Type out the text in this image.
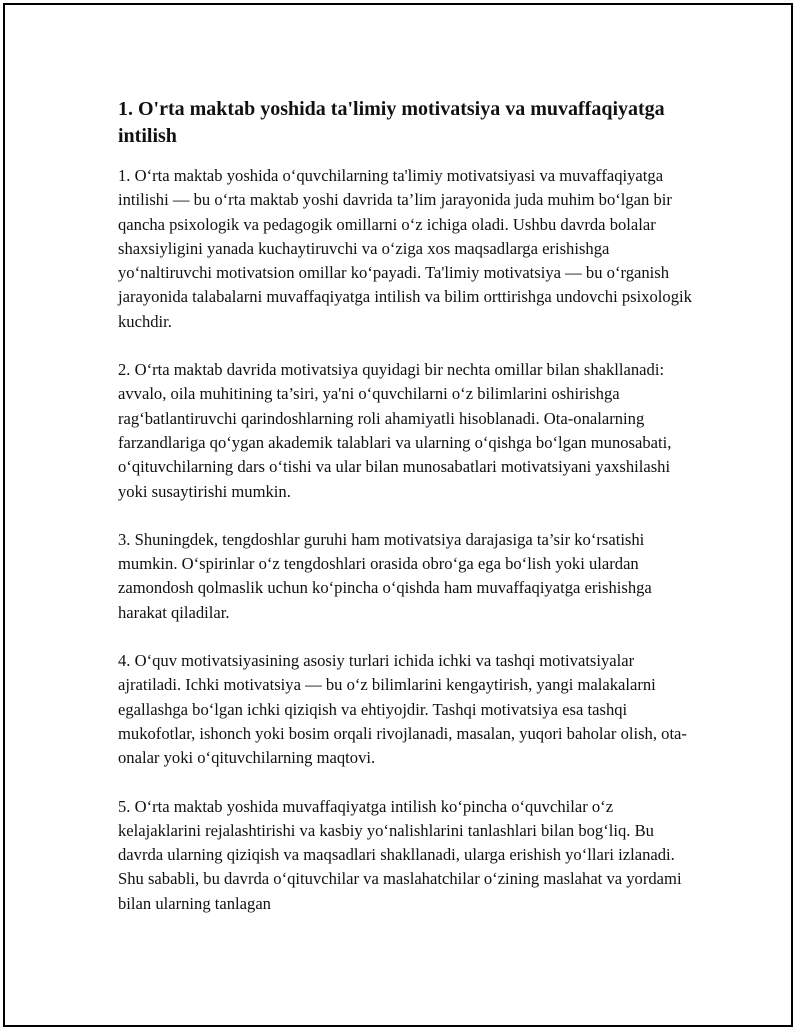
1. O'rta maktab yoshida ta'limiy motivatsiya va muvaffaqiyatga intilish

1. O‘rta maktab yoshida o‘quvchilarning ta'limiy motivatsiyasi va muvaffaqiyatga intilishi — bu o‘rta maktab yoshi davrida ta’lim jarayonida juda muhim bo‘lgan bir qancha psixologik va pedagogik omillarni o‘z ichiga oladi. Ushbu davrda bolalar shaxsiyligini yanada kuchaytiruvchi va o‘ziga xos maqsadlarga erishishga yo‘naltiruvchi motivatsion omillar ko‘payadi. Ta'limiy motivatsiya — bu o‘rganish jarayonida talabalarni muvaffaqiyatga intilish va bilim orttirishga undovchi psixologik kuchdir.

2. O‘rta maktab davrida motivatsiya quyidagi bir nechta omillar bilan shakllanadi: avvalo, oila muhitining ta’siri, ya'ni o‘quvchilarni o‘z bilimlarini oshirishga rag‘batlantiruvchi qarindoshlarning roli ahamiyatli hisoblanadi. Ota-onalarning farzandlariga qo‘ygan akademik talablari va ularning o‘qishga bo‘lgan munosabati, o‘qituvchilarning dars o‘tishi va ular bilan munosabatlari motivatsiyani yaxshilashi yoki susaytirishi mumkin.

3. Shuningdek, tengdoshlar guruhi ham motivatsiya darajasiga ta’sir ko‘rsatishi mumkin. O‘spirinlar o‘z tengdoshlari orasida obro‘ga ega bo‘lish yoki ulardan zamondosh qolmaslik uchun ko‘pincha o‘qishda ham muvaffaqiyatga erishishga harakat qiladilar.

4. O‘quv motivatsiyasining asosiy turlari ichida ichki va tashqi motivatsiyalar ajratiladi. Ichki motivatsiya — bu o‘z bilimlarini kengaytirish, yangi malakalarni egallashga bo‘lgan ichki qiziqish va ehtiyojdir. Tashqi motivatsiya esa tashqi mukofotlar, ishonch yoki bosim orqali rivojlanadi, masalan, yuqori baholar olish, ota-onalar yoki o‘qituvchilarning maqtovi.

5. O‘rta maktab yoshida muvaffaqiyatga intilish ko‘pincha o‘quvchilar o‘z kelajaklarini rejalashtirishi va kasbiy yo‘nalishlarini tanlashlari bilan bog‘liq. Bu davrda ularning qiziqish va maqsadlari shakllanadi, ularga erishish yo‘llari izlanadi. Shu sababli, bu davrda o‘qituvchilar va maslahatchilar o‘zining maslahat va yordami bilan ularning tanlagan
